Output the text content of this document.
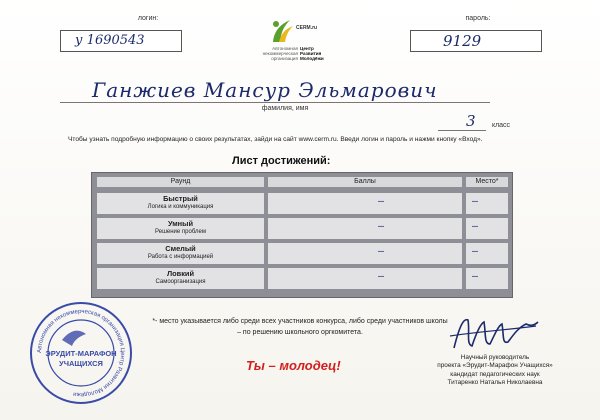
логин:
у 1690543
пароль:
9129
CERM.ru
Автономная
некоммерческая
организация
Центр
Развития
Молодёжи
Ганжиев Мансур Эльмарович
фамилия, имя
3	класс
Чтобы узнать подробную информацию о своих результатах, зайди на сайт www.cerm.ru. Введи логин и пароль и нажми кнопку «Вход».
Лист достижений:
Раунд	Баллы	Место*
Быстрый
Логика и коммуникация	—	—
Умный
Решение проблем	—	—
Смелый
Работа с информацией	—	—
Ловкий
Самоорганизация	—	—
*- место указывается либо среди всех участников конкурса, либо среди участников школы – по решению школьного оргкомитета.
Ты – молодец!
Научный руководитель
проекта «Эрудит-Марафон Учащихся»
кандидат педагогических наук
Титаренко Наталья Николаевна
Автономная некоммерческая организация Центр Развития Молодёжи
ЭРУДИТ-МАРАФОН
УЧАЩИХСЯ
